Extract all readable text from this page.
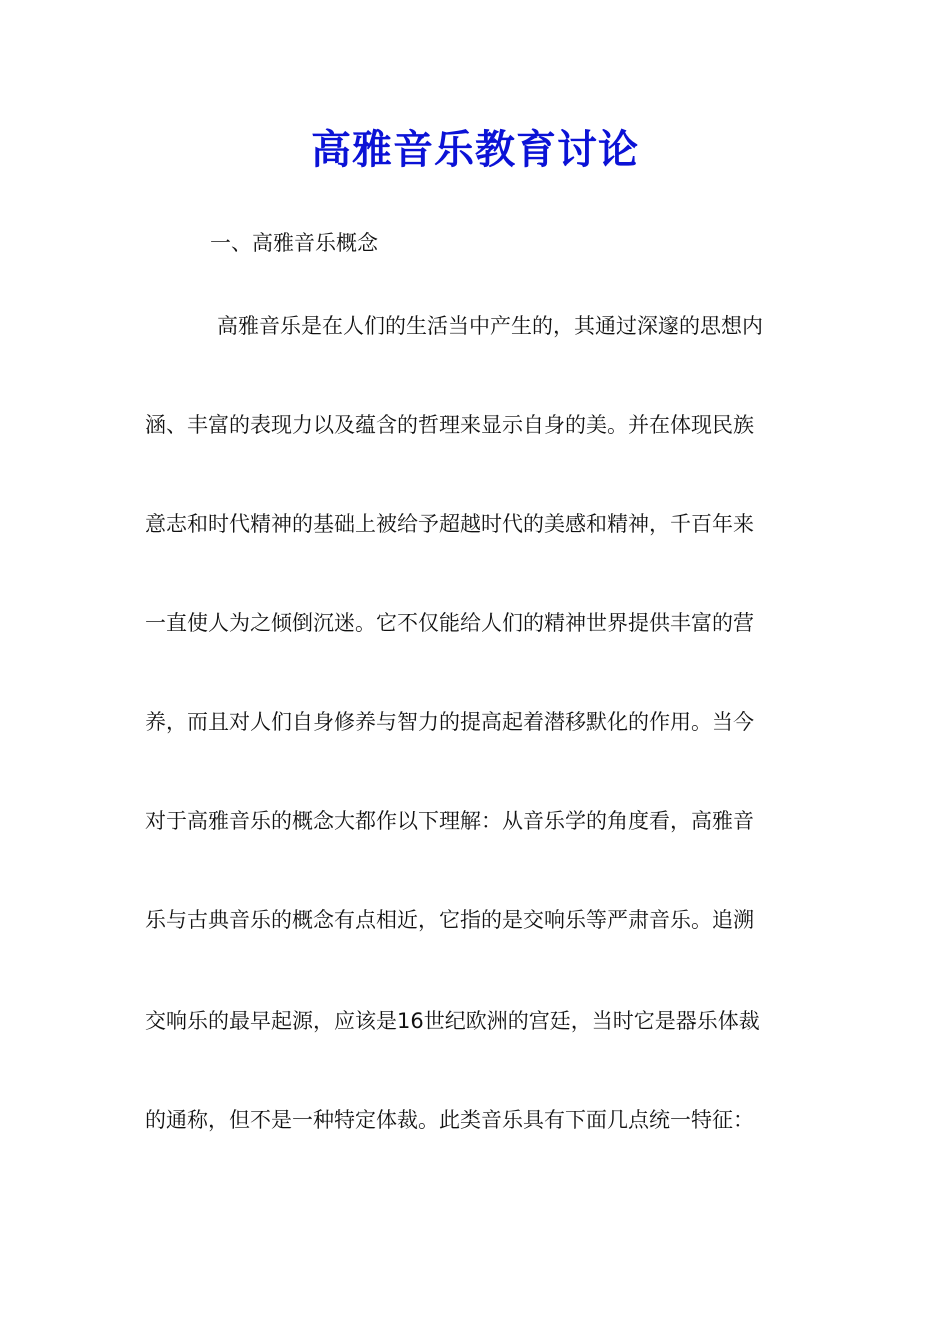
高雅音乐教育讨论
一、高雅音乐概念
高雅音乐是在人们的生活当中产生的，其通过深邃的思想内
涵、丰富的表现力以及蕴含的哲理来显示自身的美。并在体现民族
意志和时代精神的基础上被给予超越时代的美感和精神，千百年来
一直使人为之倾倒沉迷。它不仅能给人们的精神世界提供丰富的营
养，而且对人们自身修养与智力的提高起着潜移默化的作用。当今
对于高雅音乐的概念大都作以下理解：从音乐学的角度看，高雅音
乐与古典音乐的概念有点相近，它指的是交响乐等严肃音乐。追溯
交响乐的最早起源，应该是16世纪欧洲的宫廷，当时它是器乐体裁
的通称，但不是一种特定体裁。此类音乐具有下面几点统一特征：
